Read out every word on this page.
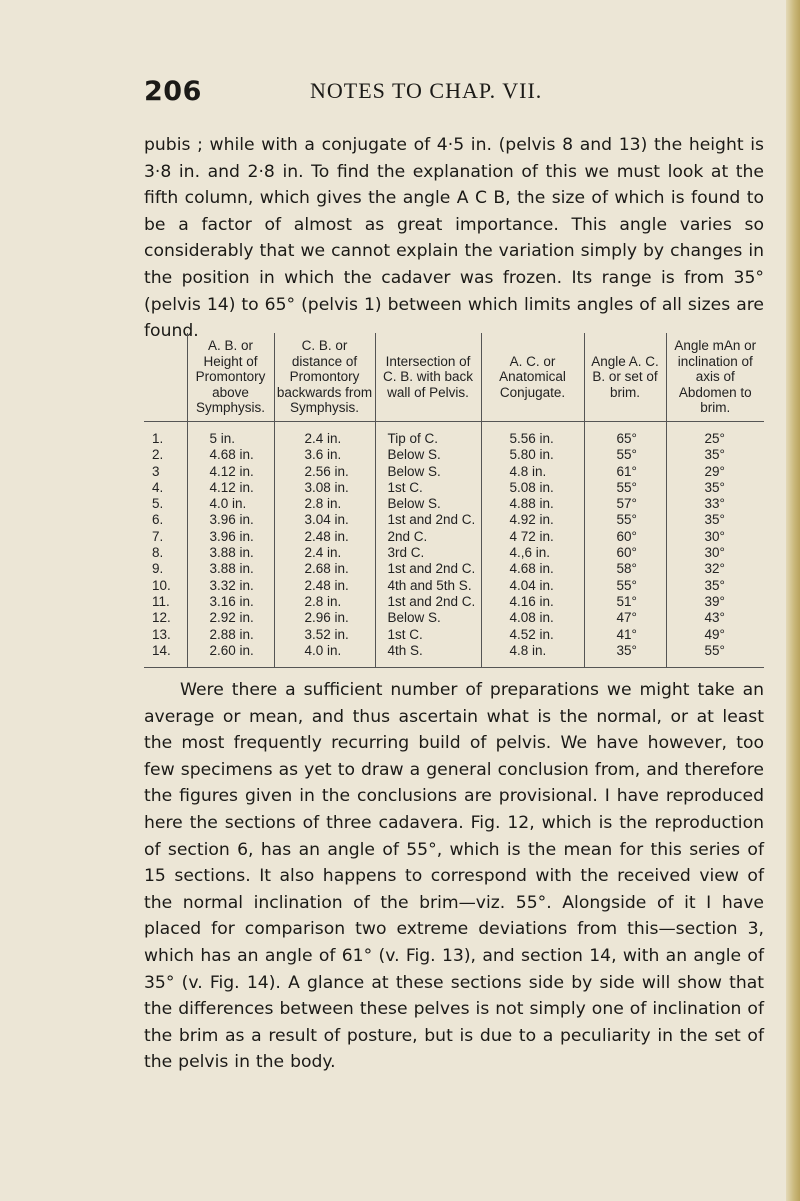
206	NOTES TO CHAP. VII.

pubis ; while with a conjugate of 4·5 in. (pelvis 8 and 13) the height is 3·8 in. and 2·8 in. To find the explanation of this we must look at the fifth column, which gives the angle A C B, the size of which is found to be a factor of almost as great importance. This angle varies so considerably that we cannot explain the variation simply by changes in the position in which the cadaver was frozen. Its range is from 35° (pelvis 14) to 65° (pelvis 1) between which limits angles of all sizes are found.

	A. B. or Height of Promontory above Symphysis.	C. B. or distance of Promontory backwards from Symphysis.	Intersection of C. B. with back wall of Pelvis.	A. C. or Anatomical Conjugate.	Angle A. C. B. or set of brim.	Angle mAn or inclination of axis of Abdomen to brim.
1.	5 in.	2.4 in.	Tip of C.	5.56 in.	65°	25°
2.	4.68 in.	3.6 in.	Below S.	5.80 in.	55°	35°
3	4.12 in.	2.56 in.	Below S.	4.8 in.	61°	29°
4.	4.12 in.	3.08 in.	1st C.	5.08 in.	55°	35°
5.	4.0 in.	2.8 in.	Below S.	4.88 in.	57°	33°
6.	3.96 in.	3.04 in.	1st and 2nd C.	4.92 in.	55°	35°
7.	3.96 in.	2.48 in.	2nd C.	4 72 in.	60°	30°
8.	3.88 in.	2.4 in.	3rd C.	4.,6 in.	60°	30°
9.	3.88 in.	2.68 in.	1st and 2nd C.	4.68 in.	58°	32°
10.	3.32 in.	2.48 in.	4th and 5th S.	4.04 in.	55°	35°
11.	3.16 in.	2.8 in.	1st and 2nd C.	4.16 in.	51°	39°
12.	2.92 in.	2.96 in.	Below S.	4.08 in.	47°	43°
13.	2.88 in.	3.52 in.	1st C.	4.52 in.	41°	49°
14.	2.60 in.	4.0 in.	4th S.	4.8 in.	35°	55°

Were there a sufficient number of preparations we might take an average or mean, and thus ascertain what is the normal, or at least the most frequently recurring build of pelvis. We have however, too few specimens as yet to draw a general conclusion from, and therefore the figures given in the conclusions are provisional. I have reproduced here the sections of three cadavera. Fig. 12, which is the reproduction of section 6, has an angle of 55°, which is the mean for this series of 15 sections. It also happens to correspond with the received view of the normal inclination of the brim—viz. 55°. Alongside of it I have placed for comparison two extreme deviations from this—section 3, which has an angle of 61° (v. Fig. 13), and section 14, with an angle of 35° (v. Fig. 14). A glance at these sections side by side will show that the differences between these pelves is not simply one of inclination of the brim as a result of posture, but is due to a peculiarity in the set of the pelvis in the body.
